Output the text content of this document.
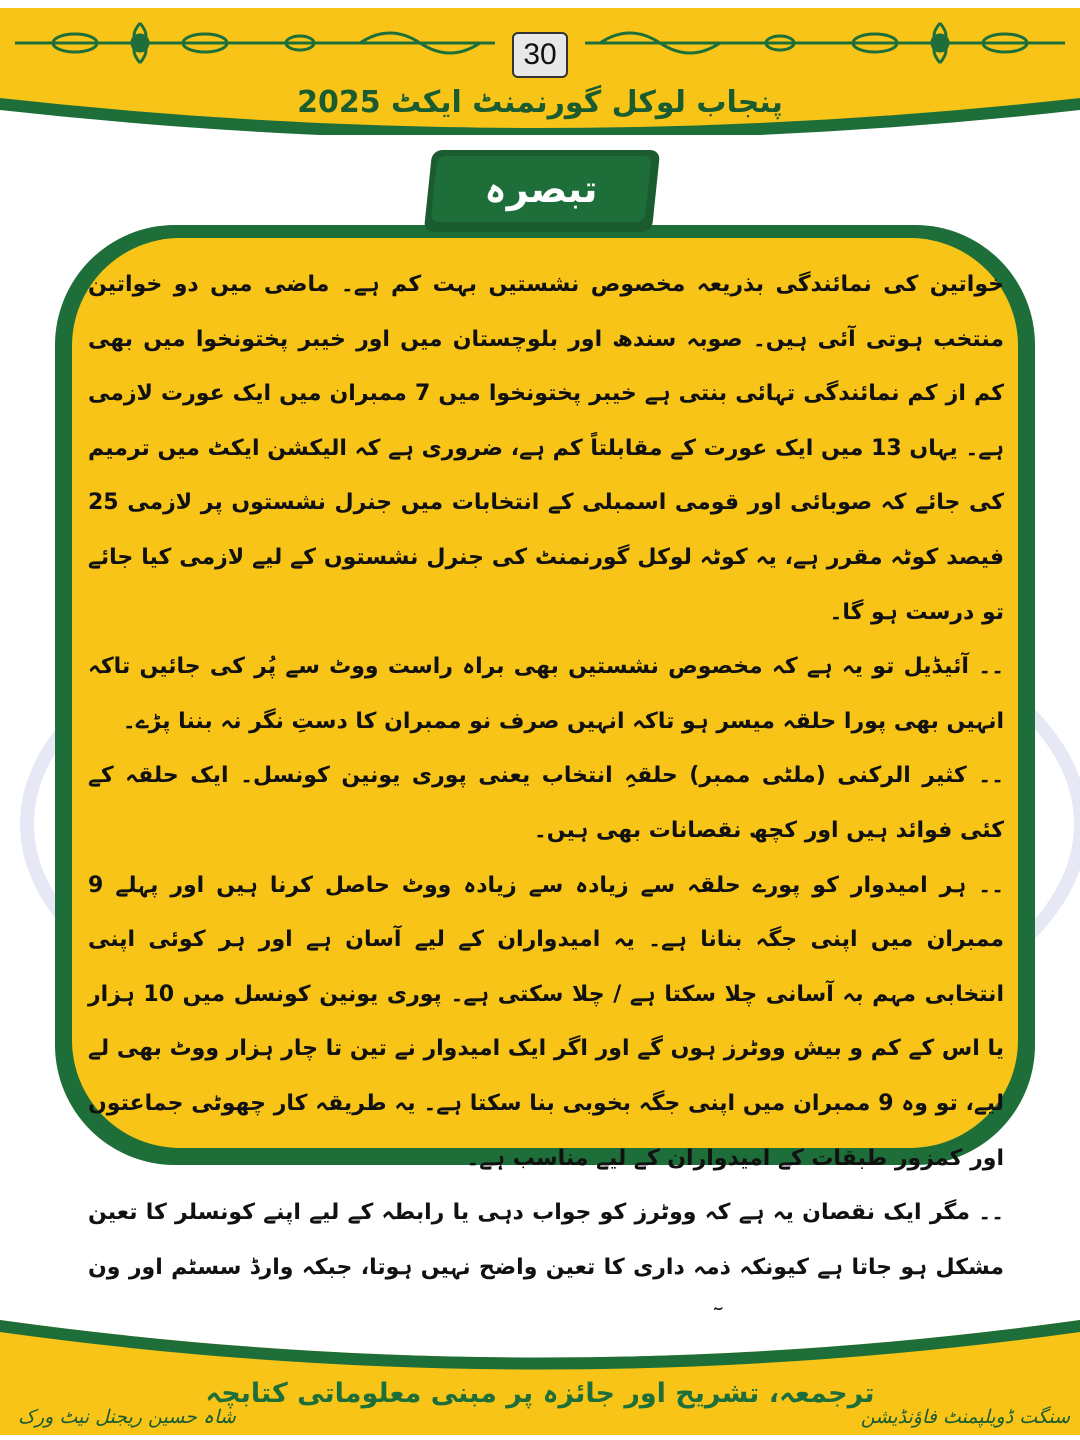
30
پنجاب لوکل گورنمنٹ ایکٹ 2025
تبصرہ

خواتین کی نمائندگی بذریعہ مخصوص نشستیں بہت کم ہے۔ ماضی میں دو خواتین منتخب ہوتی آئی ہیں۔ صوبہ سندھ اور بلوچستان میں اور خیبر پختونخوا میں بھی کم از کم نمائندگی تہائی بنتی ہے خیبر پختونخوا میں 7 ممبران میں ایک عورت لازمی ہے۔ یہاں 13 میں ایک عورت کے مقابلتاً کم ہے، ضروری ہے کہ الیکشن ایکٹ میں ترمیم کی جائے کہ صوبائی اور قومی اسمبلی کے انتخابات میں جنرل نشستوں پر لازمی 25 فیصد کوٹہ مقرر ہے، یہ کوٹہ لوکل گورنمنٹ کی جنرل نشستوں کے لیے لازمی کیا جائے تو درست ہو گا۔

۔۔ آئیڈیل تو یہ ہے کہ مخصوص نشستیں بھی براہ راست ووٹ سے پُر کی جائیں تاکہ انہیں بھی پورا حلقہ میسر ہو تاکہ انہیں صرف نو ممبران کا دستِ نگر نہ بننا پڑے۔

۔۔ کثیر الرکنی (ملٹی ممبر) حلقہِ انتخاب یعنی پوری یونین کونسل۔ ایک حلقہ کے کئی فوائد ہیں اور کچھ نقصانات بھی ہیں۔

۔۔ ہر امیدوار کو پورے حلقہ سے زیادہ سے زیادہ ووٹ حاصل کرنا ہیں اور پہلے 9 ممبران میں اپنی جگہ بنانا ہے۔ یہ امیدواران کے لیے آسان ہے اور ہر کوئی اپنی انتخابی مہم بہ آسانی چلا سکتا ہے / چلا سکتی ہے۔ پوری یونین کونسل میں 10 ہزار یا اس کے کم و بیش ووٹرز ہوں گے اور اگر ایک امیدوار نے تین تا چار ہزار ووٹ بھی لے لیے، تو وہ 9 ممبران میں اپنی جگہ بخوبی بنا سکتا ہے۔ یہ طریقہ کار چھوٹی جماعتوں اور کمزور طبقات کے امیدواران کے لیے مناسب ہے۔

۔۔ مگر ایک نقصان یہ ہے کہ ووٹرز کو جواب دہی یا رابطہ کے لیے اپنے کونسلر کا تعین مشکل ہو جاتا ہے کیونکہ ذمہ داری کا تعین واضح نہیں ہوتا، جبکہ وارڈ سسٹم اور ون

ترجمعہ، تشریح اور جائزہ پر مبنی معلوماتی کتابچہ
شاہ حسین ریجنل نیٹ ورک	سنگت ڈویلپمنٹ فاؤنڈیشن
